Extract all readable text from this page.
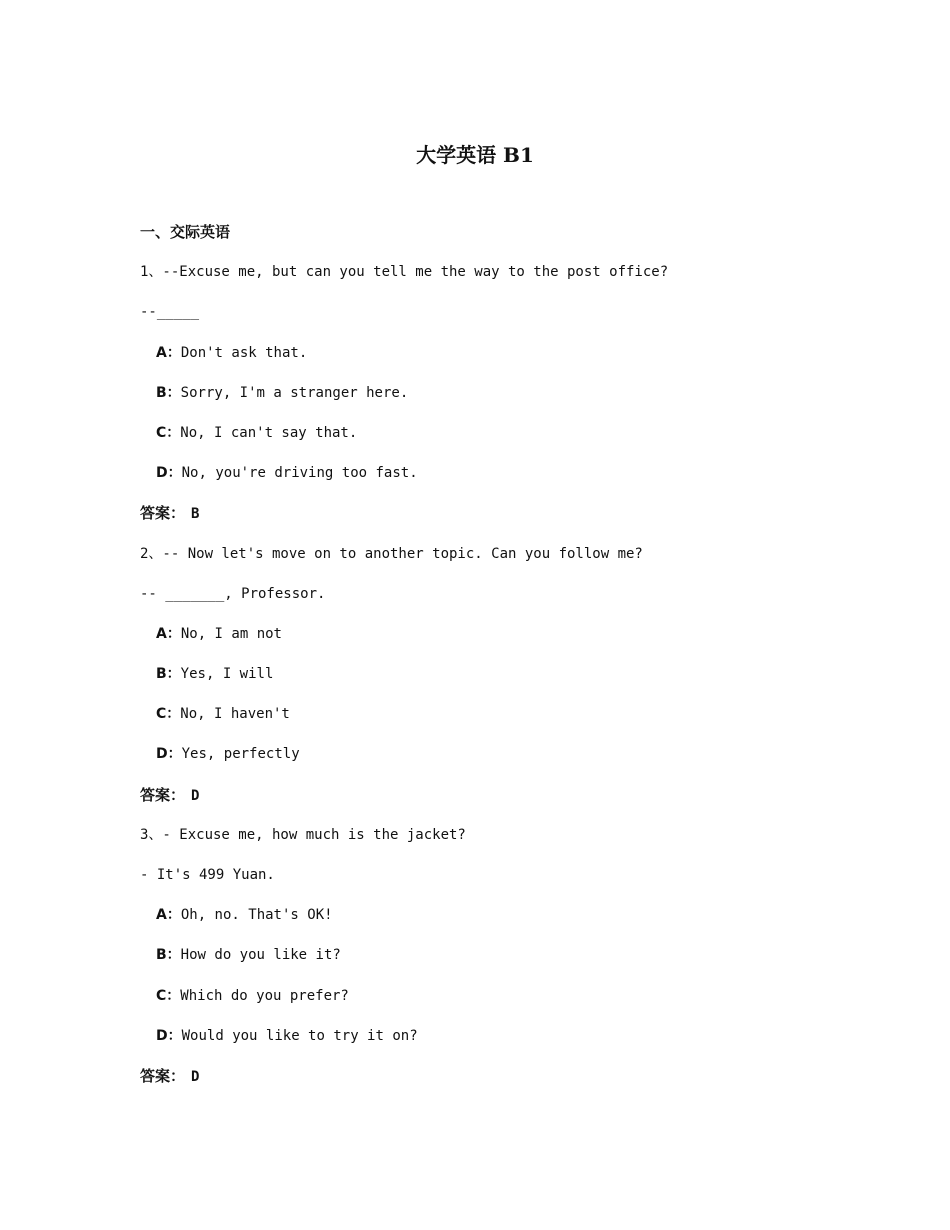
大学英语 B1
一、交际英语
1、--Excuse me, but can you tell me the way to the post office?
--_____
A：Don't ask that.
B：Sorry, I'm a stranger here.
C：No, I can't say that.
D：No, you're driving too fast.
答案： B
2、-- Now let's move on to another topic. Can you follow me?
-- _______, Professor.
A：No, I am not
B：Yes, I will
C：No, I haven't
D：Yes, perfectly
答案： D
3、- Excuse me, how much is the jacket?
- It's 499 Yuan.
A：Oh, no. That's OK!
B：How do you like it?
C：Which do you prefer?
D：Would you like to try it on?
答案： D
